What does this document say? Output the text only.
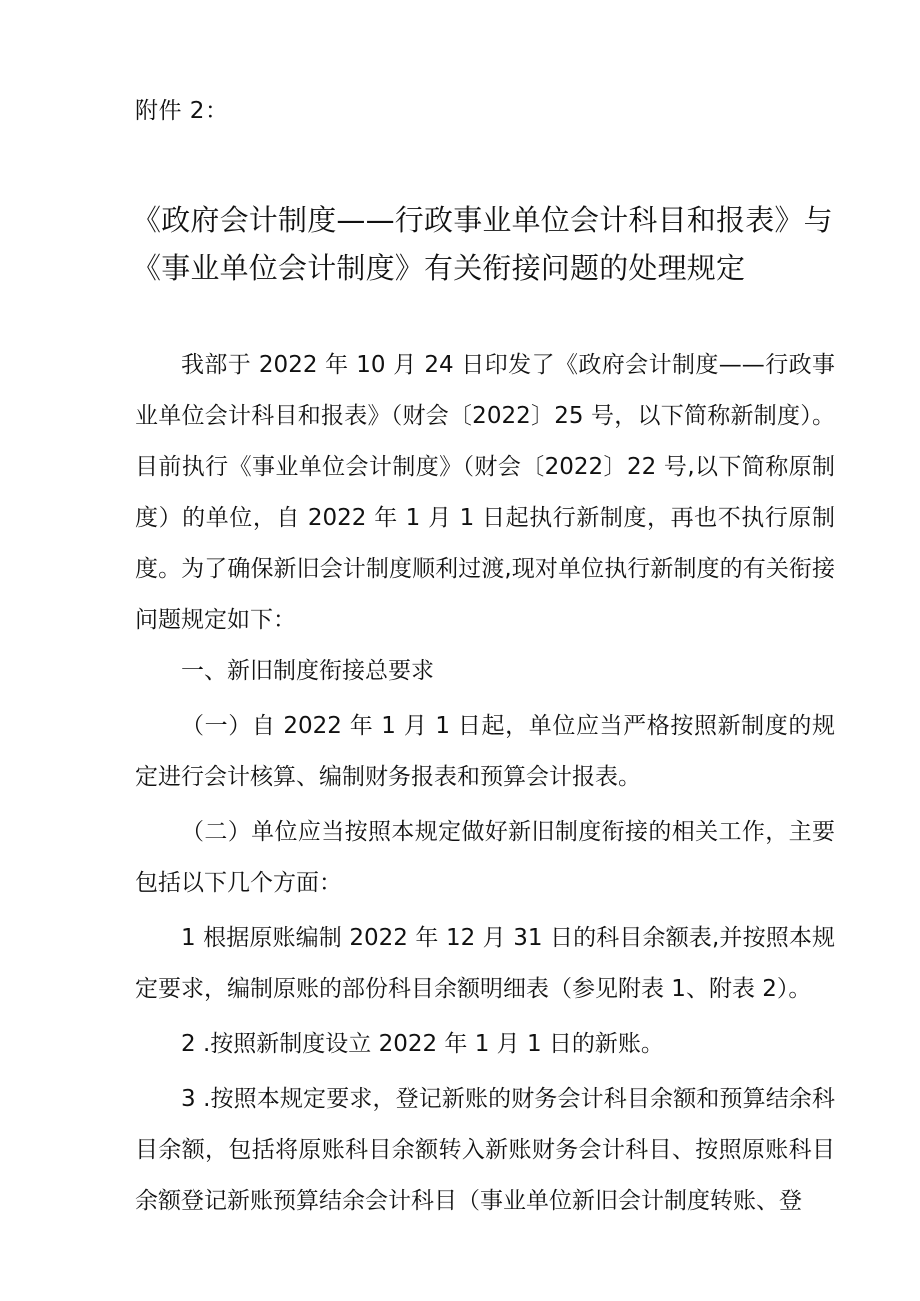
附件 2：
《政府会计制度——行政事业单位会计科目和报表》与
《事业单位会计制度》有关衔接问题的处理规定

我部于 2022 年 10 月 24 日印发了《政府会计制度——行政事业单位会计科目和报表》（财会〔2022〕25 号，以下简称新制度）。目前执行《事业单位会计制度》（财会〔2022〕22 号,以下简称原制度）的单位，自 2022 年 1 月 1 日起执行新制度，再也不执行原制度。为了确保新旧会计制度顺利过渡,现对单位执行新制度的有关衔接问题规定如下：

一、新旧制度衔接总要求

（一）自 2022 年 1 月 1 日起，单位应当严格按照新制度的规定进行会计核算、编制财务报表和预算会计报表。

（二）单位应当按照本规定做好新旧制度衔接的相关工作，主要包括以下几个方面：

1 根据原账编制 2022 年 12 月 31 日的科目余额表,并按照本规定要求，编制原账的部份科目余额明细表（参见附表 1、附表 2）。

2 .按照新制度设立 2022 年 1 月 1 日的新账。

3 .按照本规定要求，登记新账的财务会计科目余额和预算结余科目余额，包括将原账科目余额转入新账财务会计科目、按照原账科目余额登记新账预算结余会计科目（事业单位新旧会计制度转账、登
